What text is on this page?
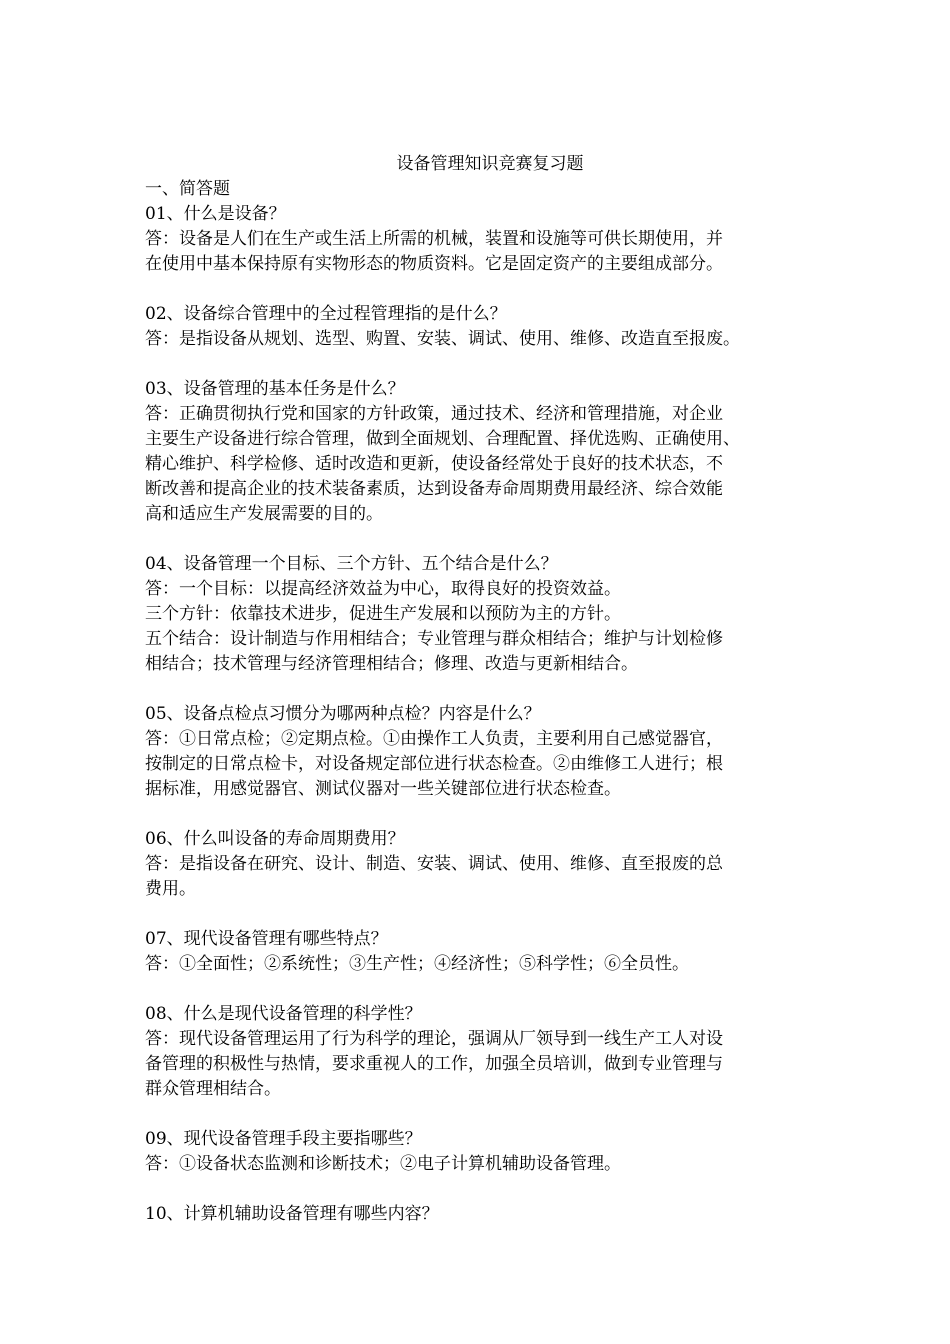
设备管理知识竞赛复习题
一、简答题
01、什么是设备？
答：设备是人们在生产或生活上所需的机械，装置和设施等可供长期使用，并
在使用中基本保持原有实物形态的物质资料。它是固定资产的主要组成部分。
02、设备综合管理中的全过程管理指的是什么？
答：是指设备从规划、选型、购置、安装、调试、使用、维修、改造直至报废。
03、设备管理的基本任务是什么？
答：正确贯彻执行党和国家的方针政策，通过技术、经济和管理措施，对企业
主要生产设备进行综合管理，做到全面规划、合理配置、择优选购、正确使用、
精心维护、科学检修、适时改造和更新，使设备经常处于良好的技术状态，不
断改善和提高企业的技术装备素质，达到设备寿命周期费用最经济、综合效能
高和适应生产发展需要的目的。
04、设备管理一个目标、三个方针、五个结合是什么？
答：一个目标：以提高经济效益为中心，取得良好的投资效益。
三个方针：依靠技术进步，促进生产发展和以预防为主的方针。
五个结合：设计制造与作用相结合；专业管理与群众相结合；维护与计划检修
相结合；技术管理与经济管理相结合；修理、改造与更新相结合。
05、设备点检点习惯分为哪两种点检？内容是什么？
答：①日常点检；②定期点检。①由操作工人负责，主要利用自己感觉器官，
按制定的日常点检卡，对设备规定部位进行状态检查。②由维修工人进行；根
据标准，用感觉器官、测试仪器对一些关键部位进行状态检查。
06、什么叫设备的寿命周期费用？
答：是指设备在研究、设计、制造、安装、调试、使用、维修、直至报废的总
费用。
07、现代设备管理有哪些特点？
答：①全面性；②系统性；③生产性；④经济性；⑤科学性；⑥全员性。
08、什么是现代设备管理的科学性？
答：现代设备管理运用了行为科学的理论，强调从厂领导到一线生产工人对设
备管理的积极性与热情，要求重视人的工作，加强全员培训，做到专业管理与
群众管理相结合。
09、现代设备管理手段主要指哪些？
答：①设备状态监测和诊断技术；②电子计算机辅助设备管理。
10、计算机辅助设备管理有哪些内容？
